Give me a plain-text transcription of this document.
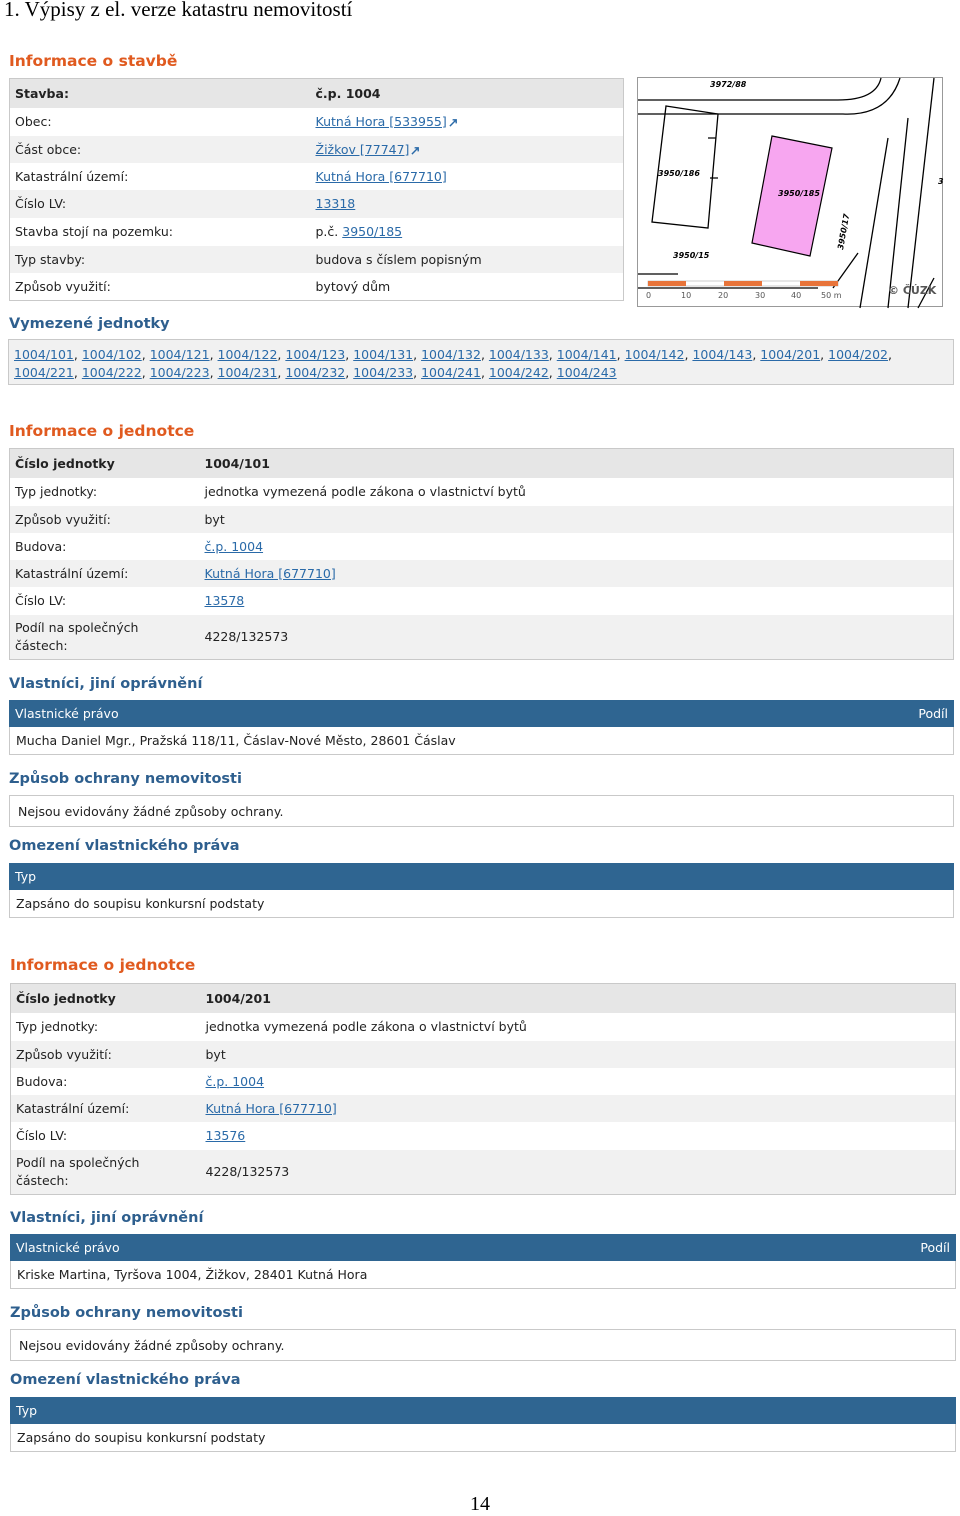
1. Výpisy z el. verze katastru nemovitostí
Informace o stavbě
Stavba:	č.p. 1004
Obec:	Kutná Hora [533955]
Část obce:	Žižkov [77747]
Katastrální území:	Kutná Hora [677710]
Číslo LV:	13318
Stavba stojí na pozemku:	p.č. 3950/185
Typ stavby:	budova s číslem popisným
Způsob využití:	bytový dům
3972/88
3950/186
3950/185
3950/15
3950/17
3
0	10	20	30	40 50 m	© ČÚZK
Vymezené jednotky
1004/101, 1004/102, 1004/121, 1004/122, 1004/123, 1004/131, 1004/132, 1004/133, 1004/141, 1004/142, 1004/143, 1004/201, 1004/202, 1004/221, 1004/222, 1004/223, 1004/231, 1004/232, 1004/233, 1004/241, 1004/242, 1004/243
Informace o jednotce
Číslo jednotky	1004/101
Typ jednotky:	jednotka vymezená podle zákona o vlastnictví bytů
Způsob využití:	byt
Budova:	č.p. 1004
Katastrální území:	Kutná Hora [677710]
Číslo LV:	13578
Podíl na společných částech:	4228/132573
Vlastníci, jiní oprávnění
Vlastnické právo	Podíl
Mucha Daniel Mgr., Pražská 118/11, Čáslav-Nové Město, 28601 Čáslav
Způsob ochrany nemovitosti
Nejsou evidovány žádné způsoby ochrany.
Omezení vlastnického práva
Typ
Zapsáno do soupisu konkursní podstaty
Informace o jednotce
Číslo jednotky	1004/201
Typ jednotky:	jednotka vymezená podle zákona o vlastnictví bytů
Způsob využití:	byt
Budova:	č.p. 1004
Katastrální území:	Kutná Hora [677710]
Číslo LV:	13576
Podíl na společných částech:	4228/132573
Vlastníci, jiní oprávnění
Vlastnické právo	Podíl
Kriske Martina, Tyršova 1004, Žižkov, 28401 Kutná Hora
Způsob ochrany nemovitosti
Nejsou evidovány žádné způsoby ochrany.
Omezení vlastnického práva
Typ
Zapsáno do soupisu konkursní podstaty
14
